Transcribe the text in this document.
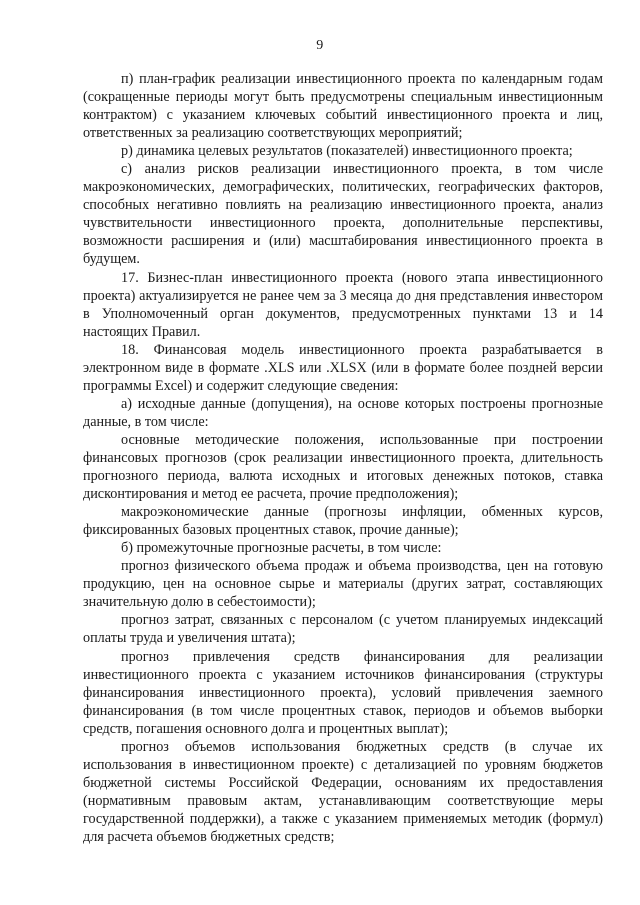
9

п) план-график реализации инвестиционного проекта по календарным годам (сокращенные периоды могут быть предусмотрены специальным инвестиционным контрактом) с указанием ключевых событий инвестиционного проекта и лиц, ответственных за реализацию соответствующих мероприятий;

р) динамика целевых результатов (показателей) инвестиционного проекта;

с) анализ рисков реализации инвестиционного проекта, в том числе макроэкономических, демографических, политических, географических факторов, способных негативно повлиять на реализацию инвестиционного проекта, анализ чувствительности инвестиционного проекта, дополнительные перспективы, возможности расширения и (или) масштабирования инвестиционного проекта в будущем.

17. Бизнес-план инвестиционного проекта (нового этапа инвестиционного проекта) актуализируется не ранее чем за 3 месяца до дня представления инвестором в Уполномоченный орган документов, предусмотренных пунктами 13 и 14 настоящих Правил.

18. Финансовая модель инвестиционного проекта разрабатывается в электронном виде в формате .XLS или .XLSX (или в формате более поздней версии программы Excel) и содержит следующие сведения:

а) исходные данные (допущения), на основе которых построены прогнозные данные, в том числе:

основные методические положения, использованные при построении финансовых прогнозов (срок реализации инвестиционного проекта, длительность прогнозного периода, валюта исходных и итоговых денежных потоков, ставка дисконтирования и метод ее расчета, прочие предположения);

макроэкономические данные (прогнозы инфляции, обменных курсов, фиксированных базовых процентных ставок, прочие данные);

б) промежуточные прогнозные расчеты, в том числе:

прогноз физического объема продаж и объема производства, цен на готовую продукцию, цен на основное сырье и материалы (других затрат, составляющих значительную долю в себестоимости);

прогноз затрат, связанных с персоналом (с учетом планируемых индексаций оплаты труда и увеличения штата);

прогноз привлечения средств финансирования для реализации инвестиционного проекта с указанием источников финансирования (структуры финансирования инвестиционного проекта), условий привлечения заемного финансирования (в том числе процентных ставок, периодов и объемов выборки средств, погашения основного долга и процентных выплат);

прогноз объемов использования бюджетных средств (в случае их использования в инвестиционном проекте) с детализацией по уровням бюджетов бюджетной системы Российской Федерации, основаниям их предоставления (нормативным правовым актам, устанавливающим соответствующие меры государственной поддержки), а также с указанием применяемых методик (формул) для расчета объемов бюджетных средств;
